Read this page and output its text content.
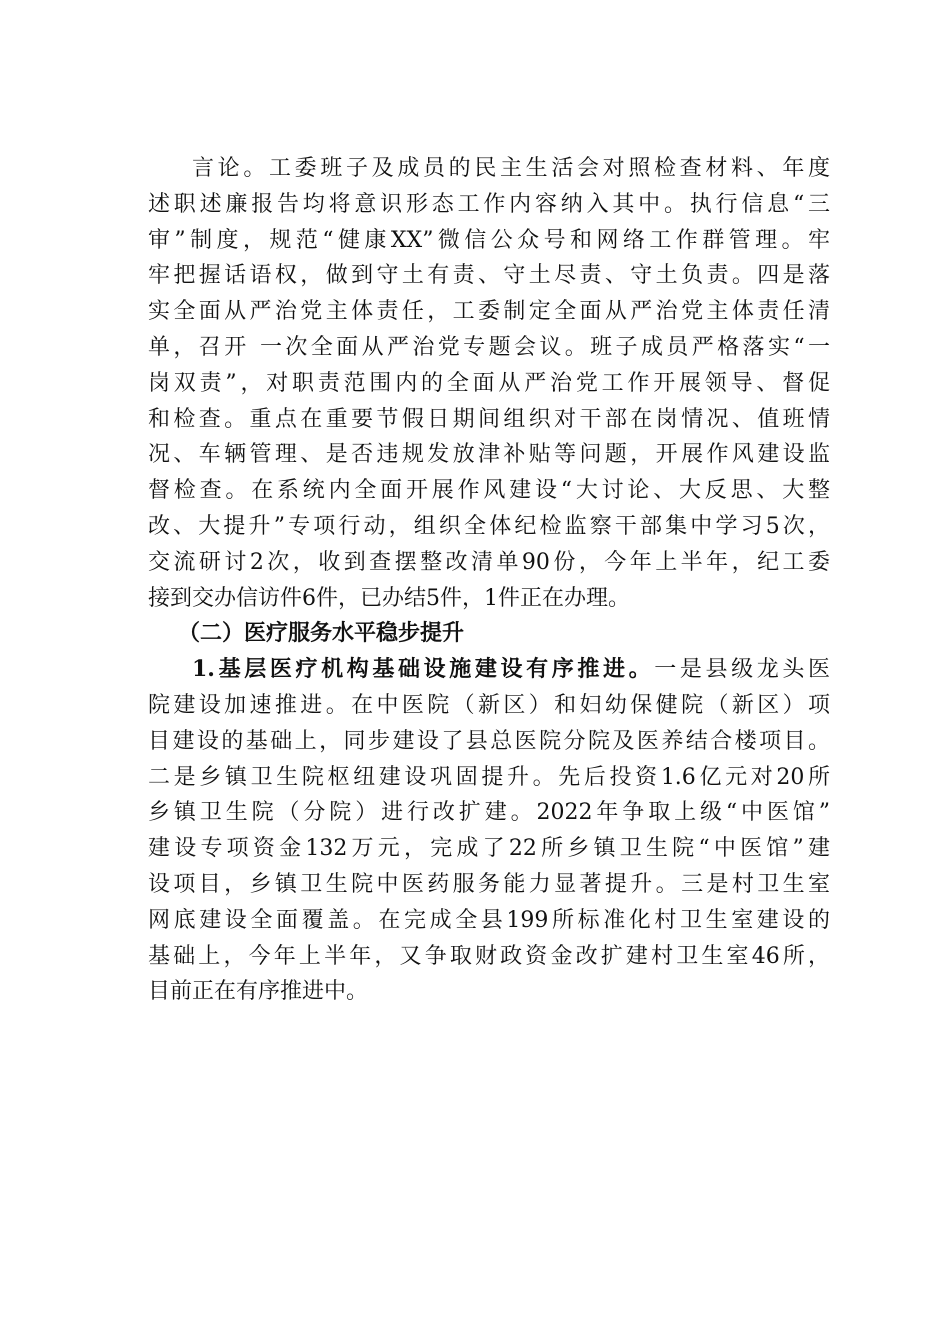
言论。工委班子及成员的民主生活会对照检查材料、年度
述职述廉报告均将意识形态工作内容纳入其中。执行信息“三
审”制度，规范“健康XX”微信公众号和网络工作群管理。牢
牢把握话语权，做到守土有责、守土尽责、守土负责。四是落
实全面从严治党主体责任，工委制定全面从严治党主体责任清
单，召开 一次全面从严治党专题会议。班子成员严格落实“一
岗双责”，对职责范围内的全面从严治党工作开展领导、督促
和检查。重点在重要节假日期间组织对干部在岗情况、值班情
况、车辆管理、是否违规发放津补贴等问题，开展作风建设监
督检查。在系统内全面开展作风建设“大讨论、大反思、大整
改、大提升”专项行动，组织全体纪检监察干部集中学习5次，
交流研讨2次，收到查摆整改清单90份，今年上半年，纪工委
接到交办信访件6件，已办结5件，1件正在办理。
（二）医疗服务水平稳步提升
1.基层医疗机构基础设施建设有序推进。一是县级龙头医
院建设加速推进。在中医院（新区）和妇幼保健院（新区）项
目建设的基础上，同步建设了县总医院分院及医养结合楼项目。
二是乡镇卫生院枢纽建设巩固提升。先后投资1.6亿元对20所
乡镇卫生院（分院）进行改扩建。2022年争取上级“中医馆”
建设专项资金132万元，完成了22所乡镇卫生院“中医馆”建
设项目，乡镇卫生院中医药服务能力显著提升。三是村卫生室
网底建设全面覆盖。在完成全县199所标准化村卫生室建设的
基础上，今年上半年，又争取财政资金改扩建村卫生室46所，
目前正在有序推进中。
